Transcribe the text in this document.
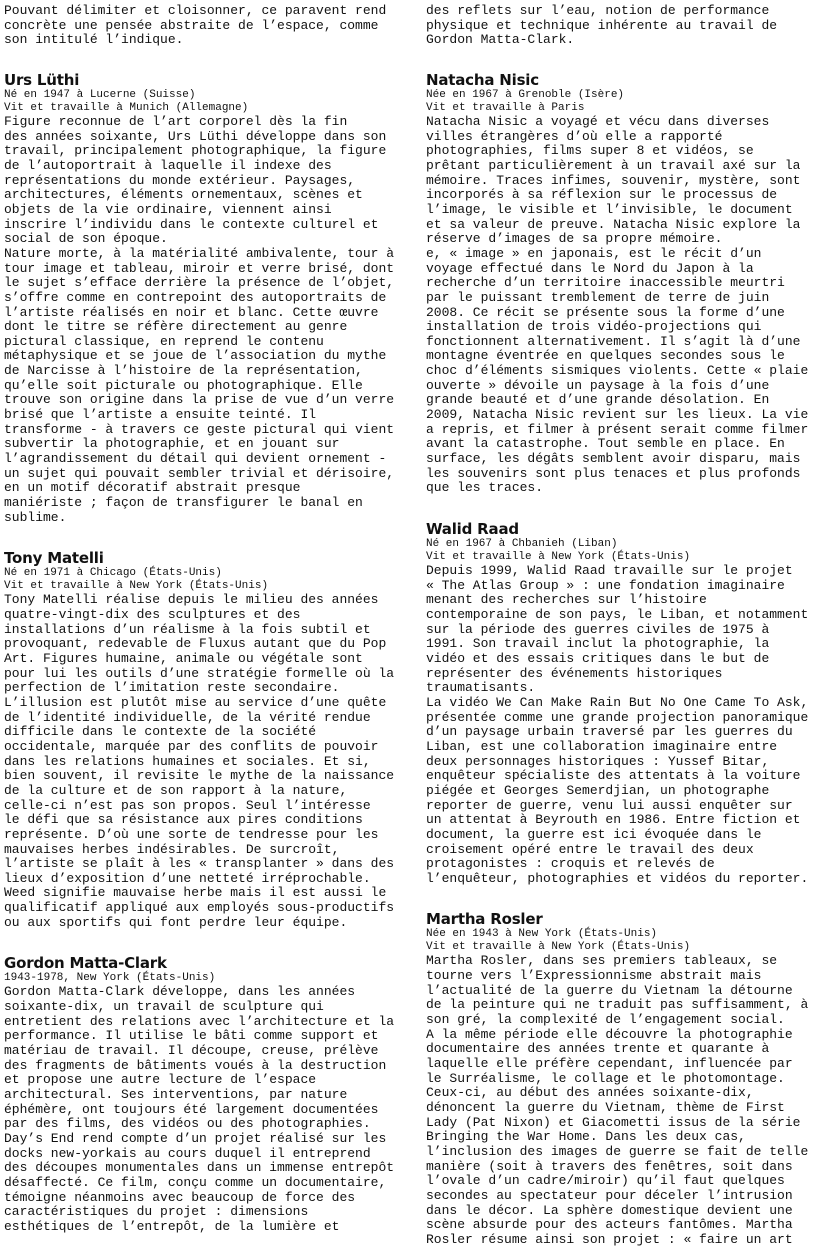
Pouvant délimiter et cloisonner, ce paravent rend
concrète une pensée abstraite de l’espace, comme
son intitulé l’indique.

Urs Lüthi

Né en 1947 à Lucerne (Suisse)
Vit et travaille à Munich (Allemagne)

Figure reconnue de l’art corporel dès la fin
des années soixante, Urs Lüthi développe dans son
travail, principalement photographique, la figure
de l’autoportrait à laquelle il indexe des
représentations du monde extérieur. Paysages,
architectures, éléments ornementaux, scènes et
objets de la vie ordinaire, viennent ainsi
inscrire l’individu dans le contexte culturel et
social de son époque.
Nature morte, à la matérialité ambivalente, tour à
tour image et tableau, miroir et verre brisé, dont
le sujet s’efface derrière la présence de l’objet,
s’offre comme en contrepoint des autoportraits de
l’artiste réalisés en noir et blanc. Cette œuvre
dont le titre se réfère directement au genre
pictural classique, en reprend le contenu
métaphysique et se joue de l’association du mythe
de Narcisse à l’histoire de la représentation,
qu’elle soit picturale ou photographique. Elle
trouve son origine dans la prise de vue d’un verre
brisé que l’artiste a ensuite teinté. Il
transforme - à travers ce geste pictural qui vient
subvertir la photographie, et en jouant sur
l’agrandissement du détail qui devient ornement -
un sujet qui pouvait sembler trivial et dérisoire,
en un motif décoratif abstrait presque
maniériste ; façon de transfigurer le banal en
sublime.

Tony Matelli

Né en 1971 à Chicago (États-Unis)
Vit et travaille à New York (États-Unis)

Tony Matelli réalise depuis le milieu des années
quatre-vingt-dix des sculptures et des
installations d’un réalisme à la fois subtil et
provoquant, redevable de Fluxus autant que du Pop
Art. Figures humaine, animale ou végétale sont
pour lui les outils d’une stratégie formelle où la
perfection de l’imitation reste secondaire.
L’illusion est plutôt mise au service d’une quête
de l’identité individuelle, de la vérité rendue
difficile dans le contexte de la société
occidentale, marquée par des conflits de pouvoir
dans les relations humaines et sociales. Et si,
bien souvent, il revisite le mythe de la naissance
de la culture et de son rapport à la nature,
celle-ci n’est pas son propos. Seul l’intéresse
le défi que sa résistance aux pires conditions
représente. D’où une sorte de tendresse pour les
mauvaises herbes indésirables. De surcroît,
l’artiste se plaît à les « transplanter » dans des
lieux d’exposition d’une netteté irréprochable.
Weed signifie mauvaise herbe mais il est aussi le
qualificatif appliqué aux employés sous-productifs
ou aux sportifs qui font perdre leur équipe.

Gordon Matta-Clark

1943-1978, New York (États-Unis)

Gordon Matta-Clark développe, dans les années
soixante-dix, un travail de sculpture qui
entretient des relations avec l’architecture et la
performance. Il utilise le bâti comme support et
matériau de travail. Il découpe, creuse, prélève
des fragments de bâtiments voués à la destruction
et propose une autre lecture de l’espace
architectural. Ses interventions, par nature
éphémère, ont toujours été largement documentées
par des films, des vidéos ou des photographies.
Day’s End rend compte d’un projet réalisé sur les
docks new-yorkais au cours duquel il entreprend
des découpes monumentales dans un immense entrepôt
désaffecté. Ce film, conçu comme un documentaire,
témoigne néanmoins avec beaucoup de force des
caractéristiques du projet : dimensions
esthétiques de l’entrepôt, de la lumière et

des reflets sur l’eau, notion de performance
physique et technique inhérente au travail de
Gordon Matta-Clark.

Natacha Nisic

Née en 1967 à Grenoble (Isère)
Vit et travaille à Paris

Natacha Nisic a voyagé et vécu dans diverses
villes étrangères d’où elle a rapporté
photographies, films super 8 et vidéos, se
prêtant particulièrement à un travail axé sur la
mémoire. Traces infimes, souvenir, mystère, sont
incorporés à sa réflexion sur le processus de
l’image, le visible et l’invisible, le document
et sa valeur de preuve. Natacha Nisic explore la
réserve d’images de sa propre mémoire.
e, « image » en japonais, est le récit d’un
voyage effectué dans le Nord du Japon à la
recherche d’un territoire inaccessible meurtri
par le puissant tremblement de terre de juin
2008. Ce récit se présente sous la forme d’une
installation de trois vidéo-projections qui
fonctionnent alternativement. Il s’agit là d’une
montagne éventrée en quelques secondes sous le
choc d’éléments sismiques violents. Cette « plaie
ouverte » dévoile un paysage à la fois d’une
grande beauté et d’une grande désolation. En
2009, Natacha Nisic revient sur les lieux. La vie
a repris, et filmer à présent serait comme filmer
avant la catastrophe. Tout semble en place. En
surface, les dégâts semblent avoir disparu, mais
les souvenirs sont plus tenaces et plus profonds
que les traces.

Walid Raad

Né en 1967 à Chbanieh (Liban)
Vit et travaille à New York (États-Unis)

Depuis 1999, Walid Raad travaille sur le projet
« The Atlas Group » : une fondation imaginaire
menant des recherches sur l’histoire
contemporaine de son pays, le Liban, et notamment
sur la période des guerres civiles de 1975 à
1991. Son travail inclut la photographie, la
vidéo et des essais critiques dans le but de
représenter des événements historiques
traumatisants.
La vidéo We Can Make Rain But No One Came To Ask,
présentée comme une grande projection panoramique
d’un paysage urbain traversé par les guerres du
Liban, est une collaboration imaginaire entre
deux personnages historiques : Yussef Bitar,
enquêteur spécialiste des attentats à la voiture
piégée et Georges Semerdjian, un photographe
reporter de guerre, venu lui aussi enquêter sur
un attentat à Beyrouth en 1986. Entre fiction et
document, la guerre est ici évoquée dans le
croisement opéré entre le travail des deux
protagonistes : croquis et relevés de
l’enquêteur, photographies et vidéos du reporter.

Martha Rosler

Née en 1943 à New York (États-Unis)
Vit et travaille à New York (États-Unis)

Martha Rosler, dans ses premiers tableaux, se
tourne vers l’Expressionnisme abstrait mais
l’actualité de la guerre du Vietnam la détourne
de la peinture qui ne traduit pas suffisamment, à
son gré, la complexité de l’engagement social.
A la même période elle découvre la photographie
documentaire des années trente et quarante à
laquelle elle préfère cependant, influencée par
le Surréalisme, le collage et le photomontage.
Ceux-ci, au début des années soixante-dix,
dénoncent la guerre du Vietnam, thème de First
Lady (Pat Nixon) et Giacometti issus de la série
Bringing the War Home. Dans les deux cas,
l’inclusion des images de guerre se fait de telle
manière (soit à travers des fenêtres, soit dans
l’ovale d’un cadre/miroir) qu’il faut quelques
secondes au spectateur pour déceler l’intrusion
dans le décor. La sphère domestique devient une
scène absurde pour des acteurs fantômes. Martha
Rosler résume ainsi son projet : « faire un art
